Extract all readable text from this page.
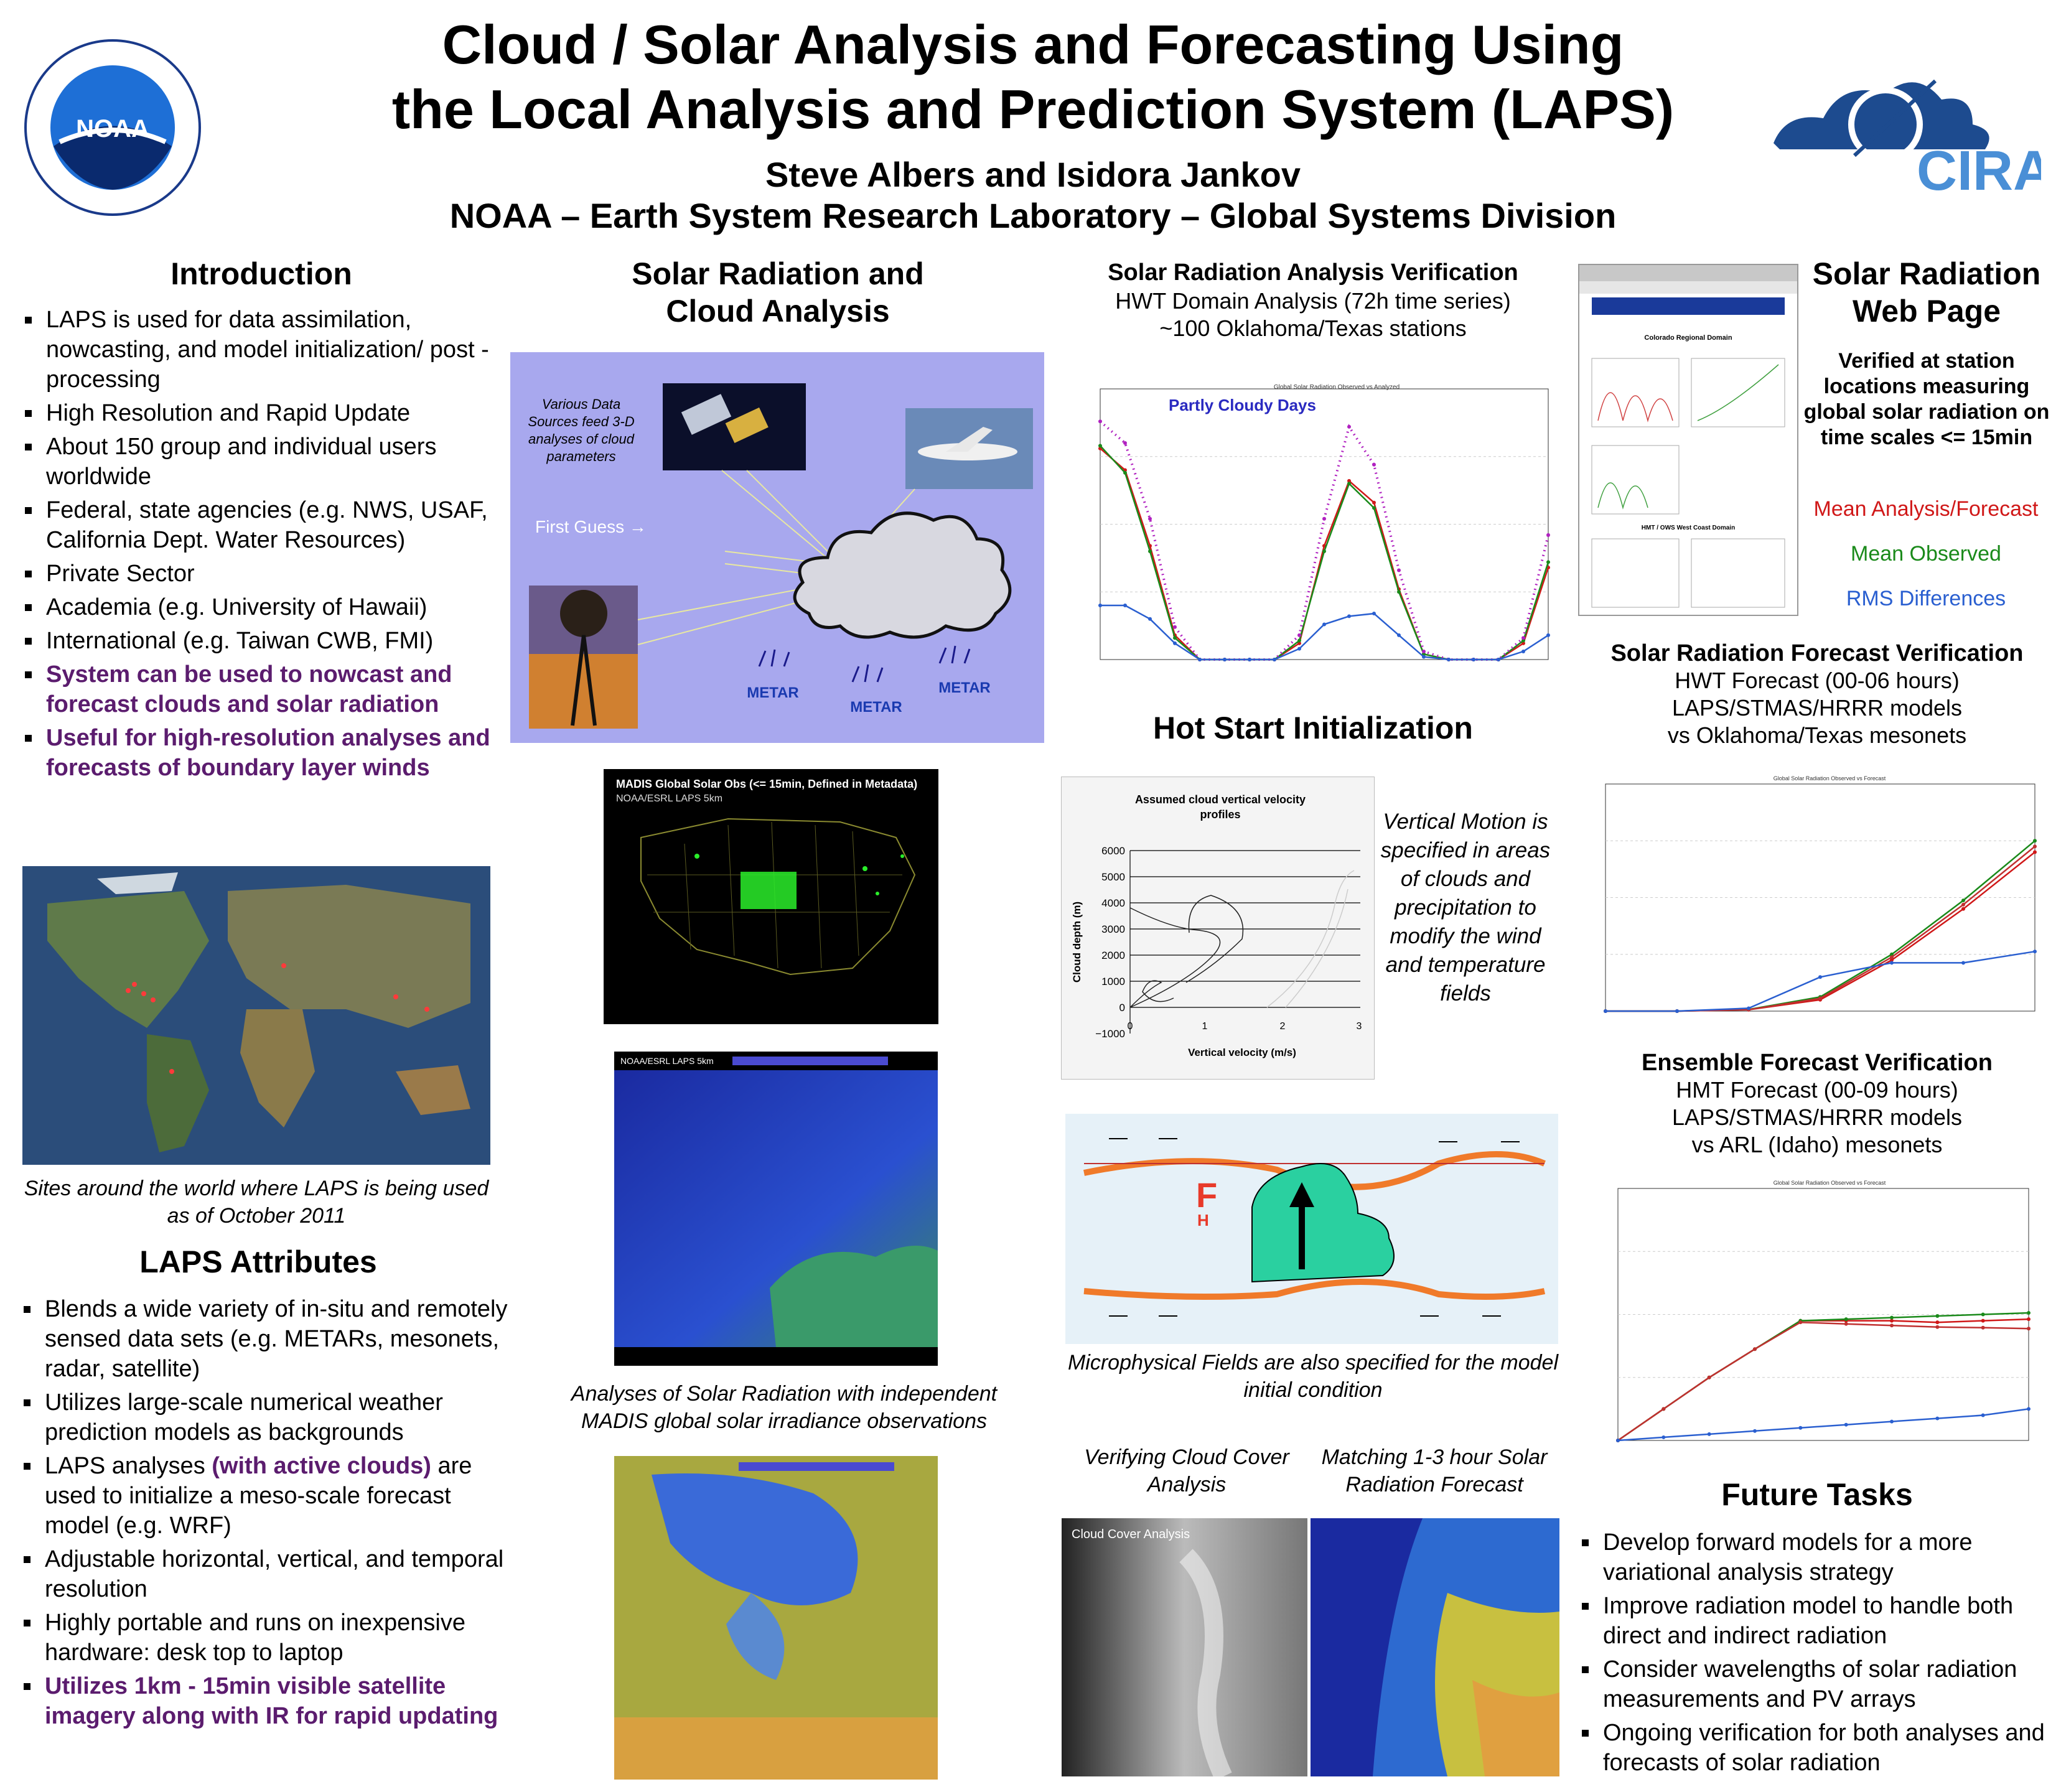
NOAA
Cloud / Solar Analysis and Forecasting Using
the Local Analysis and Prediction System (LAPS)
Steve Albers and Isidora Jankov
NOAA – Earth System Research Laboratory – Global Systems Division
CIRA
Introduction
LAPS is used for data assimilation, nowcasting, and model initialization/ post -processing
High Resolution and Rapid Update
About 150 group and individual users worldwide
Federal, state agencies (e.g. NWS, USAF, California Dept. Water Resources)
Private Sector
Academia (e.g. University of Hawaii)
International (e.g. Taiwan CWB, FMI)
System can be used to nowcast and forecast clouds and solar radiation
Useful for high-resolution analyses and forecasts of boundary layer winds
Sites around the world where LAPS is being used as of October 2011
LAPS Attributes
Blends a wide variety of in-situ and remotely sensed data sets (e.g. METARs, mesonets, radar, satellite)
Utilizes large-scale numerical weather prediction models as backgrounds
LAPS analyses (with active clouds) are used to initialize a meso-scale forecast model (e.g. WRF)
Adjustable horizontal, vertical, and temporal resolution
Highly portable and runs on inexpensive hardware: desk top to laptop
Utilizes 1km - 15min visible satellite imagery along with IR for rapid updating
Solar Radiation and
Cloud Analysis
METAR
METAR
METAR
First Guess →
Various Data Sources feed 3-D analyses of cloud parameters
MADIS Global Solar Obs (<= 15min, Defined in Metadata)
NOAA/ESRL LAPS 5km
NOAA/ESRL LAPS 5km
Analyses of Solar Radiation with independent MADIS global solar irradiance observations
Solar Radiation Analysis Verification
HWT Domain Analysis (72h time series)
~100 Oklahoma/Texas stations
Global Solar Radiation Observed vs Analyzed
Partly Cloudy Days
Hot Start Initialization
Assumed cloud vertical velocity
profiles
6000
5000
4000
3000
2000
1000
0
−1000
0	1	2	3
Vertical velocity (m/s)
Cloud depth (m)
Vertical Motion is specified in areas of clouds and precipitation to modify the wind and temperature fields
F
H
Microphysical Fields are also specified for the model initial condition
Verifying Cloud Cover Analysis
Matching 1-3 hour Solar Radiation Forecast
Cloud Cover Analysis
Colorado Regional Domain
HMT / OWS West Coast Domain
Solar Radiation
Web Page
Verified at station locations measuring global solar radiation on time scales <= 15min
Mean Analysis/Forecast
Mean Observed
RMS Differences
Solar Radiation Forecast Verification
HWT Forecast (00-06 hours)
LAPS/STMAS/HRRR models
vs Oklahoma/Texas mesonets
Global Solar Radiation Observed vs Forecast
Ensemble Forecast Verification
HMT Forecast (00-09 hours)
LAPS/STMAS/HRRR models
vs ARL (Idaho) mesonets
Global Solar Radiation Observed vs Forecast
Future Tasks
Develop forward models for a more variational analysis strategy
Improve radiation model to handle both direct and indirect radiation
Consider wavelengths of solar radiation measurements and PV arrays
Ongoing verification for both analyses and forecasts of solar radiation
